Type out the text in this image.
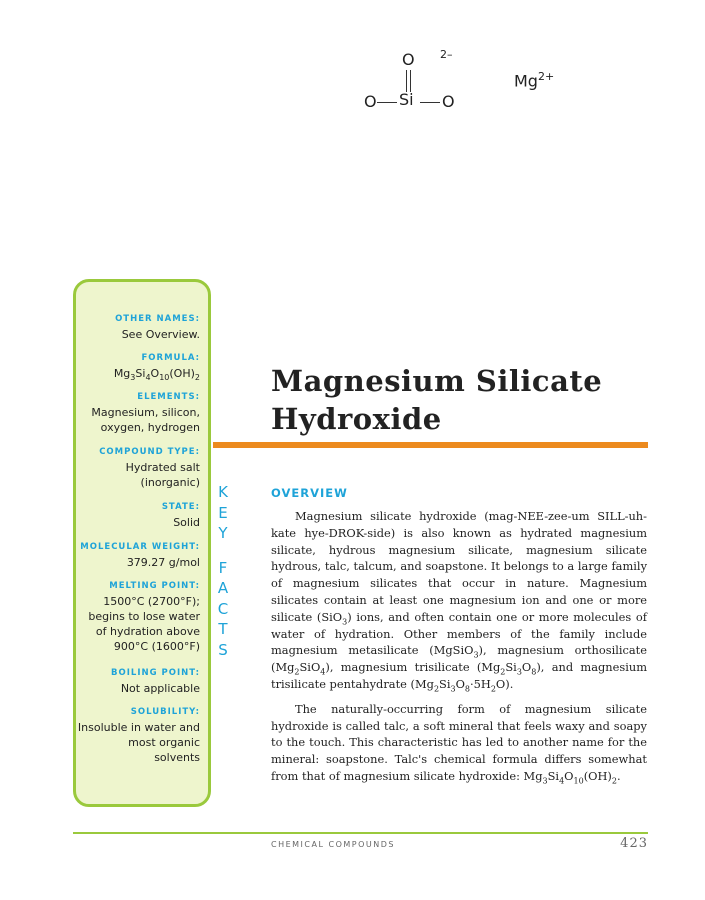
O 2–
O Si O
$Mg^{2+}$
OTHER NAMES:
See Overview.
FORMULA:
$Mg_3Si_4O_{10}(OH)_2$
ELEMENTS:
Magnesium, silicon,
oxygen, hydrogen
COMPOUND TYPE:
Hydrated salt
(inorganic)
STATE:
Solid
MOLECULAR WEIGHT:
379.27 g/mol
MELTING POINT:
1500°C (2700°F);
begins to lose water
of hydration above
900°C (1600°F)
BOILING POINT:
Not applicable
SOLUBILITY:
Insoluble in water and
most organic
solvents
K
E
Y

F
A
C
T
S
Magnesium Silicate
Hydroxide
OVERVIEW

Magnesium silicate hydroxide (mag-NEE-zee-um SILL-uh-kate hye-DROK-side) is also known as hydrated magnesium silicate, hydrous magnesium silicate, magnesium silicate hydrous, talc, talcum, and soapstone. It belongs to a large family of magnesium silicates that occur in nature. Magnesium silicates contain at least one magnesium ion and one or more silicate (SiO$_3$) ions, and often contain one or more molecules of water of hydration. Other members of the family include magnesium metasilicate (MgSiO$_3$), magnesium orthosilicate $(Mg_2SiO_4)$, magnesium trisilicate $(Mg_2Si_3O_8)$, and magnesium trisilicate pentahydrate $(Mg_2Si_3O_8\cdot 5H_2O)$.

The naturally-occurring form of magnesium silicate hydroxide is called talc, a soft mineral that feels waxy and soapy to the touch. This characteristic has led to another name for the mineral: soapstone. Talc's chemical formula differs somewhat from that of magnesium silicate hydroxide: $Mg_3Si_4O_{10}(OH)_2$.

CHEMICAL COMPOUNDS	423
